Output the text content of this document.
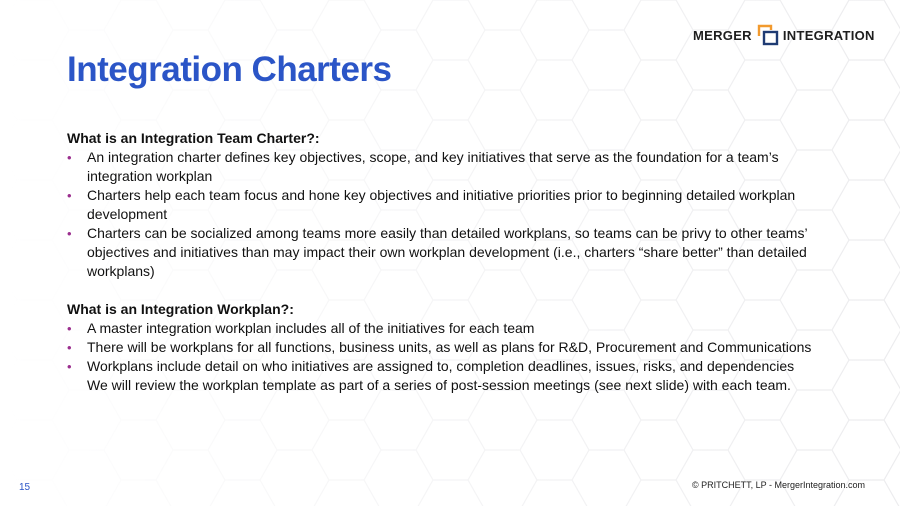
MERGER INTEGRATION
Integration Charters

What is an Integration Team Charter?:

• An integration charter defines key objectives, scope, and key initiatives that serve as the foundation for a team’s integration workplan
• Charters help each team focus and hone key objectives and initiative priorities prior to beginning detailed workplan development
• Charters can be socialized among teams more easily than detailed workplans, so teams can be privy to other teams’ objectives and initiatives than may impact their own workplan development (i.e., charters “share better” than detailed workplans)

What is an Integration Workplan?:

• A master integration workplan includes all of the initiatives for each team
• There will be workplans for all functions, business units, as well as plans for R&D, Procurement and Communications
• Workplans include detail on who initiatives are assigned to, completion deadlines, issues, risks, and dependencies
We will review the workplan template as part of a series of post-session meetings (see next slide) with each team.
15	© PRITCHETT, LP - MergerIntegration.com
